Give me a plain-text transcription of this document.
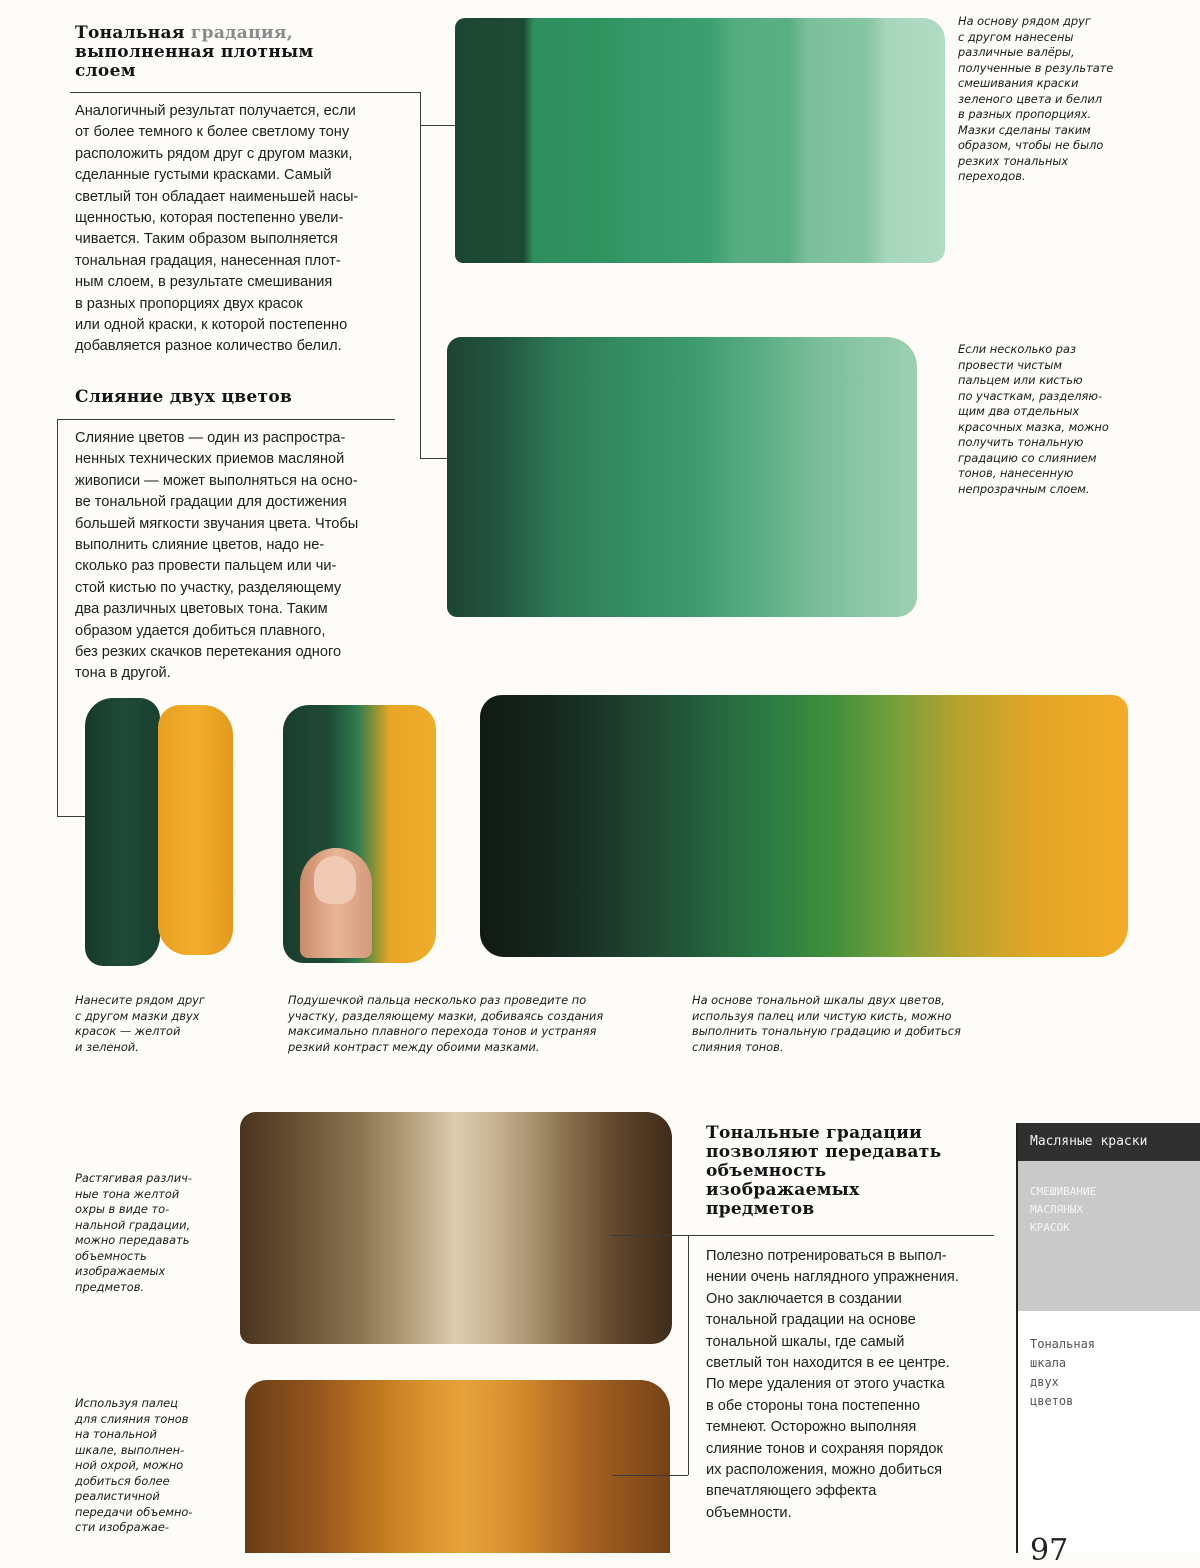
Тональная градация,
выполненная плотным
слоем

Аналогичный результат получается, если
от более темного к более светлому тону
расположить рядом друг с другом мазки,
сделанные густыми красками. Самый
светлый тон обладает наименьшей насы-
щенностью, которая постепенно увели-
чивается. Таким образом выполняется
тональная градация, нанесенная плот-
ным слоем, в результате смешивания
в разных пропорциях двух красок
или одной краски, к которой постепенно
добавляется разное количество белил.

Слияние двух цветов

Слияние цветов — один из распростра-
ненных технических приемов масляной
живописи — может выполняться на осно-
ве тональной градации для достижения
большей мягкости звучания цвета. Чтобы
выполнить слияние цветов, надо не-
сколько раз провести пальцем или чи-
стой кистью по участку, разделяющему
два различных цветовых тона. Таким
образом удается добиться плавного,
без резких скачков перетекания одного
тона в другой.

На основу рядом друг
с другом нанесены
различные валёры,
полученные в результате
смешивания краски
зеленого цвета и белил
в разных пропорциях.
Мазки сделаны таким
образом, чтобы не было
резких тональных
переходов.

Если несколько раз
провести чистым
пальцем или кистью
по участкам, разделяю-
щим два отдельных
красочных мазка, можно
получить тональную
градацию со слиянием
тонов, нанесенную
непрозрачным слоем.

Нанесите рядом друг
с другом мазки двух
красок — желтой
и зеленой.

Подушечкой пальца несколько раз проведите по
участку, разделяющему мазки, добиваясь создания
максимально плавного перехода тонов и устраняя
резкий контраст между обоими мазками.

На основе тональной шкалы двух цветов,
используя палец или чистую кисть, можно
выполнить тональную градацию и добиться
слияния тонов.

Растягивая различ-
ные тона желтой
охры в виде то-
нальной градации,
можно передавать
объемность
изображаемых
предметов.

Используя палец
для слияния тонов
на тональной
шкале, выполнен-
ной охрой, можно
добиться более
реалистичной
передачи объемно-
сти изображае-

Тональные градации
позволяют передавать
объемность
изображаемых
предметов

Полезно потренироваться в выпол-
нении очень наглядного упражнения.
Оно заключается в создании
тональной градации на основе
тональной шкалы, где самый
светлый тон находится в ее центре.
По мере удаления от этого участка
в обе стороны тона постепенно
темнеют. Осторожно выполняя
слияние тонов и сохраняя порядок
их расположения, можно добиться
впечатляющего эффекта
объемности.

Масляные краски
СМЕШИВАНИЕ
МАСЛЯНЫХ
КРАСОК
Тональная
шкала
двух
цветов
97
